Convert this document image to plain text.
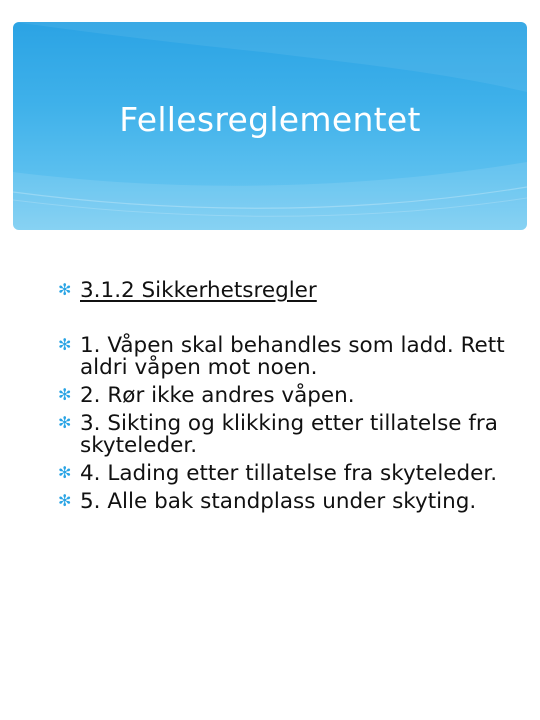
Fellesreglementet

✻ 3.1.2 Sikkerhetsregler

✻ 1. Våpen skal behandles som ladd. Rett aldri våpen mot noen.

✻ 2. Rør ikke andres våpen.

✻ 3. Sikting og klikking etter tillatelse fra skyteleder.

✻ 4. Lading etter tillatelse fra skyteleder.

✻ 5. Alle bak standplass under skyting.
